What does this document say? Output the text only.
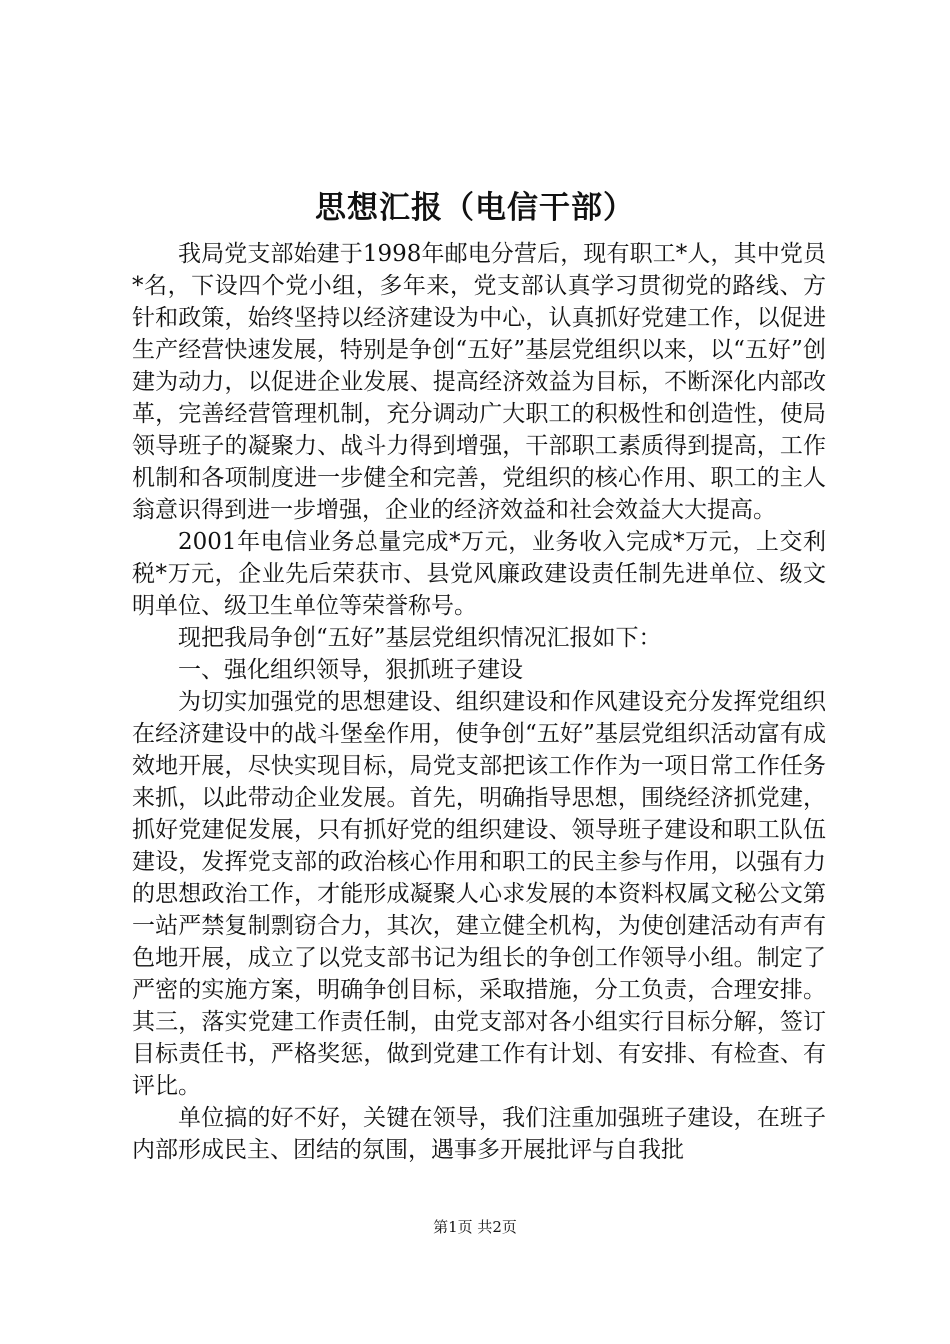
思想汇报（电信干部）

我局党支部始建于1998年邮电分营后，现有职工*人，其中党员*名，下设四个党小组，多年来，党支部认真学习贯彻党的路线、方针和政策，始终坚持以经济建设为中心，认真抓好党建工作，以促进生产经营快速发展，特别是争创“五好”基层党组织以来，以“五好”创建为动力，以促进企业发展、提高经济效益为目标，不断深化内部改革，完善经营管理机制，充分调动广大职工的积极性和创造性，使局领导班子的凝聚力、战斗力得到增强，干部职工素质得到提高，工作机制和各项制度进一步健全和完善，党组织的核心作用、职工的主人翁意识得到进一步增强，企业的经济效益和社会效益大大提高。

2001年电信业务总量完成*万元，业务收入完成*万元，上交利税*万元，企业先后荣获市、县党风廉政建设责任制先进单位、级文明单位、级卫生单位等荣誉称号。

现把我局争创“五好”基层党组织情况汇报如下：

一、强化组织领导，狠抓班子建设

为切实加强党的思想建设、组织建设和作风建设充分发挥党组织在经济建设中的战斗堡垒作用，使争创“五好”基层党组织活动富有成效地开展，尽快实现目标，局党支部把该工作作为一项日常工作任务来抓，以此带动企业发展。首先，明确指导思想，围绕经济抓党建，抓好党建促发展，只有抓好党的组织建设、领导班子建设和职工队伍建设，发挥党支部的政治核心作用和职工的民主参与作用，以强有力的思想政治工作，才能形成凝聚人心求发展的本资料权属文秘公文第一站严禁复制剽窃合力，其次，建立健全机构，为使创建活动有声有色地开展，成立了以党支部书记为组长的争创工作领导小组。制定了严密的实施方案，明确争创目标，采取措施，分工负责，合理安排。其三，落实党建工作责任制，由党支部对各小组实行目标分解，签订目标责任书，严格奖惩，做到党建工作有计划、有安排、有检查、有评比。

单位搞的好不好，关键在领导，我们注重加强班子建设，在班子内部形成民主、团结的氛围，遇事多开展批评与自我批

第1页 共2页
